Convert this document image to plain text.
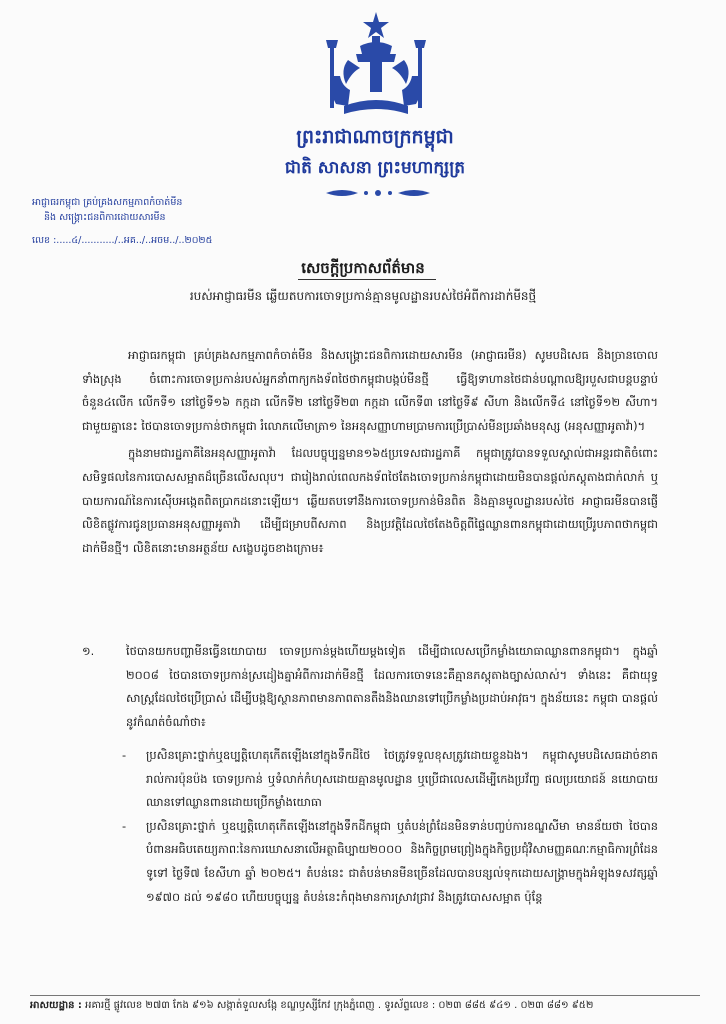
ព្រះរាជាណាចក្រកម្ពុជា
ជាតិ សាសនា ព្រះមហាក្សត្រ
អាជ្ញាធរកម្ពុជា គ្រប់គ្រងសកម្មភាពកំចាត់មីន
និង សង្គ្រោះជនពិការដោយសារមីន
លេខ :.....៤/.........../..អគ../..អចម../..២០២៥
សេចក្តីប្រកាសព័ត៌មាន
របស់អាជ្ញាធរមីន ឆ្លើយតបការចោទប្រកាន់គ្មានមូលដ្ឋានរបស់ថៃអំពីការដាក់មីនថ្មី

អាជ្ញាធរកម្ពុជា គ្រប់គ្រងសកម្មភាពកំចាត់មីន និងសង្គ្រោះជនពិការដោយសារមីន (អាជ្ញាធរមីន) សូមបដិសេធ និងច្រានចោលទាំងស្រុង ចំពោះការចោទប្រកាន់របស់អ្នកនាំពាក្យកងទ័ពថៃថាកម្ពុជាបង្កប់មីនថ្មី ធ្វើឱ្យទាហានថៃជាន់បណ្តាលឱ្យរបួសជាបន្តបន្ទាប់ ចំនួន៤លើក លើកទី១ នៅថ្ងៃទី១៦ កក្កដា លើកទី២ នៅថ្ងៃទី២៣ កក្កដា លើកទី៣ នៅថ្ងៃទី៩ សីហា និងលើកទី៤ នៅថ្ងៃទី១២ សីហា។ ជាមួយគ្នានេះ ថៃបានចោទប្រកាន់ថាកម្ពុជា រំលោភលើមាត្រា១ នៃអនុសញ្ញាហាមប្រាមការប្រើប្រាស់មីនប្រឆាំងមនុស្ស (អនុសញ្ញាអូតាវ៉ា)។

ក្នុងនាមជារដ្ឋភាគីនៃអនុសញ្ញាអូតាវ៉ា ដែលបច្ចុប្បន្នមាន១៦៥ប្រទេសជារដ្ឋភាគី កម្ពុជាត្រូវបានទទួលស្គាល់ជាអន្តរជាតិចំពោះសមិទ្ធផលនៃការបោសសម្អាតដ៏ច្រើនលើសលុប។ ជារៀងរាល់ពេលកងទ័ពថៃតែងចោទប្រកាន់កម្ពុជាដោយមិនបានផ្តល់ភស្តុតាងជាក់លាក់ ឬបាយការណ៍នៃការស៊ើបអង្កេតពិតប្រាកដនោះឡើយ។ ឆ្លើយតបទៅនឹងការចោទប្រកាន់មិនពិត និងគ្មានមូលដ្ឋានរបស់ថៃ អាជ្ញាធរមីនបានផ្ញើលិខិតផ្លូវការជូនប្រធានអនុសញ្ញាអូតាវ៉ា ដើម្បីជម្រាបពីសភាព និងប្រវត្តិដែលថៃតែងចិត្តពីផ្ទៃឈ្លានពានកម្ពុជាដោយប្រើរូបភាពថាកម្ពុជាដាក់មីនថ្មី។ លិខិតនោះមានអត្ថន័យ សង្ខេបដូចខាងក្រោម៖

១.	ថៃបានយកបញ្ហាមីនធ្វើនយោបាយ ចោទប្រកាន់ម្តងហើយម្តងទៀត ដើម្បីជាលេសប្រើកម្លាំងយោធាឈ្លានពានកម្ពុជា។ ក្នុងឆ្នាំ ២០០៨ ថៃបានចោទប្រកាន់ស្រដៀងគ្នាអំពីការដាក់មីនថ្មី ដែលការចោទនេះគឺគ្មានភស្តុតាងច្បាស់លាស់។ ទាំងនេះ គឺជាយុទ្ធសាស្ត្រដែលថៃប្រើប្រាស់ ដើម្បីបង្កឱ្យស្ថានភាពមានភាពតានតឹងនិងឈានទៅប្រើកម្លាំងប្រដាប់អាវុធ។ ក្នុងន័យនេះ កម្ពុជា បានផ្តល់នូវកំណត់ចំណាំថា៖
- ប្រសិនគ្រោះថ្នាក់ឬឧប្បត្តិហេតុកើតឡើងនៅក្នុងទឹកដីថៃ ថៃត្រូវទទួលខុសត្រូវដោយខ្លួនឯង។ កម្ពុជាសូមបដិសេធដាច់ខាត រាល់ការប៉ុនប៉ង ចោទប្រកាន់ ឬទំលាក់កំហុសដោយគ្មានមូលដ្ឋាន ឬប្រើជាលេសដើម្បីកេងប្រវ័ញ្ច ផលប្រយោជន៍ នយោបាយ ឈានទៅឈ្លានពានដោយប្រើកម្លាំងយោធា
- ប្រសិនគ្រោះថ្នាក់ ឬឧប្បត្តិហេតុកើតឡើងនៅក្នុងទឹកដីកម្ពុជា ឬតំបន់ព្រំដែនមិនទាន់បញ្ចប់ការខណ្ឌសីមា មានន័យថា ថៃបានបំពានអធិបតេយ្យភាពៈនៃការឃោសនាលើអត្ថាធិប្បាយ២០០០ និងកិច្ចព្រមព្រៀងក្នុងកិច្ចប្រជុំវិសាមញ្ញគណៈកម្មាធិការព្រំដែនទូទៅ ថ្ងៃទី៧ ខែសីហា ឆ្នាំ ២០២៥។ តំបន់នេះ ជាតំបន់មានមីនច្រើនដែលបានបន្សល់ទុកដោយសង្គ្រាមក្នុងអំឡុងទសវត្សឆ្នាំ ១៩៧០ ដល់ ១៩៨០ ហើយបច្ចុប្បន្ន តំបន់នេះកំពុងមានការស្រាវជ្រាវ និងត្រូវបោសសម្អាត ប៉ុន្តែ
អាសយដ្ឋាន : អគារថ្មី ផ្លូវលេខ ២៧៣ កែង ៩១៦ សង្កាត់ទួលសង្កែ ខណ្ឌឫស្សីកែវ ក្រុងភ្នំពេញ . ទូរស័ព្ទលេខ : ០២៣ ៨៨៥ ៩៤១ . ០២៣ ៨៨១ ៩៥២
